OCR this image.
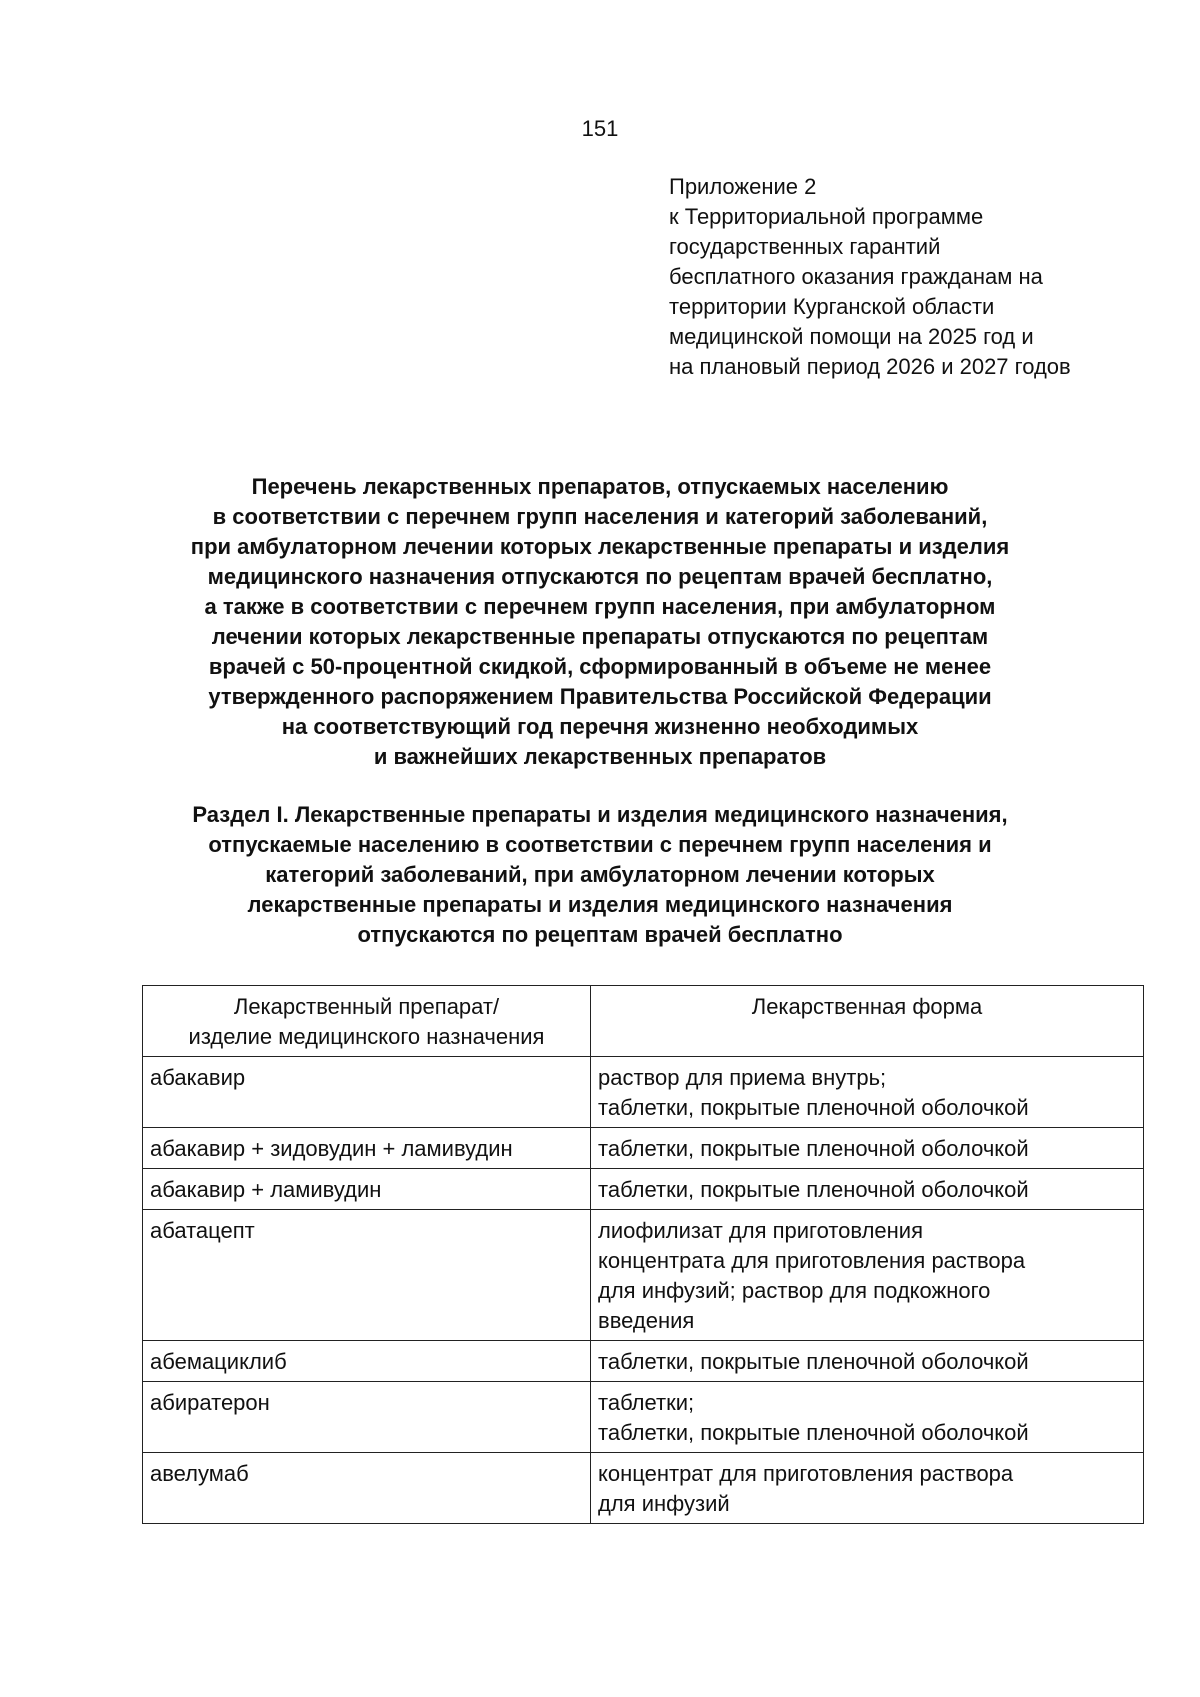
151
Приложение 2
к Территориальной программе
государственных гарантий
бесплатного оказания гражданам на
территории Курганской области
медицинской помощи на 2025 год и
на плановый период 2026 и 2027 годов
Перечень лекарственных препаратов, отпускаемых населению
в соответствии с перечнем групп населения и категорий заболеваний,
при амбулаторном лечении которых лекарственные препараты и изделия
медицинского назначения отпускаются по рецептам врачей бесплатно,
а также в соответствии с перечнем групп населения, при амбулаторном
лечении которых лекарственные препараты отпускаются по рецептам
врачей с 50-процентной скидкой, сформированный в объеме не менее
утвержденного распоряжением Правительства Российской Федерации
на соответствующий год перечня жизненно необходимых
и важнейших лекарственных препаратов
Раздел I. Лекарственные препараты и изделия медицинского назначения,
отпускаемые населению в соответствии с перечнем групп населения и
категорий заболеваний, при амбулаторном лечении которых
лекарственные препараты и изделия медицинского назначения
отпускаются по рецептам врачей бесплатно
Лекарственный препарат/
изделие медицинского назначения	Лекарственная форма

абакавир	раствор для приема внутрь;
таблетки, покрытые пленочной оболочкой

абакавир + зидовудин + ламивудин	таблетки, покрытые пленочной оболочкой

абакавир + ламивудин	таблетки, покрытые пленочной оболочкой

абатацепт	лиофилизат для приготовления
концентрата для приготовления раствора
для инфузий; раствор для подкожного
введения

абемациклиб	таблетки, покрытые пленочной оболочкой

абиратерон	таблетки;
таблетки, покрытые пленочной оболочкой

авелумаб	концентрат для приготовления раствора
для инфузий
